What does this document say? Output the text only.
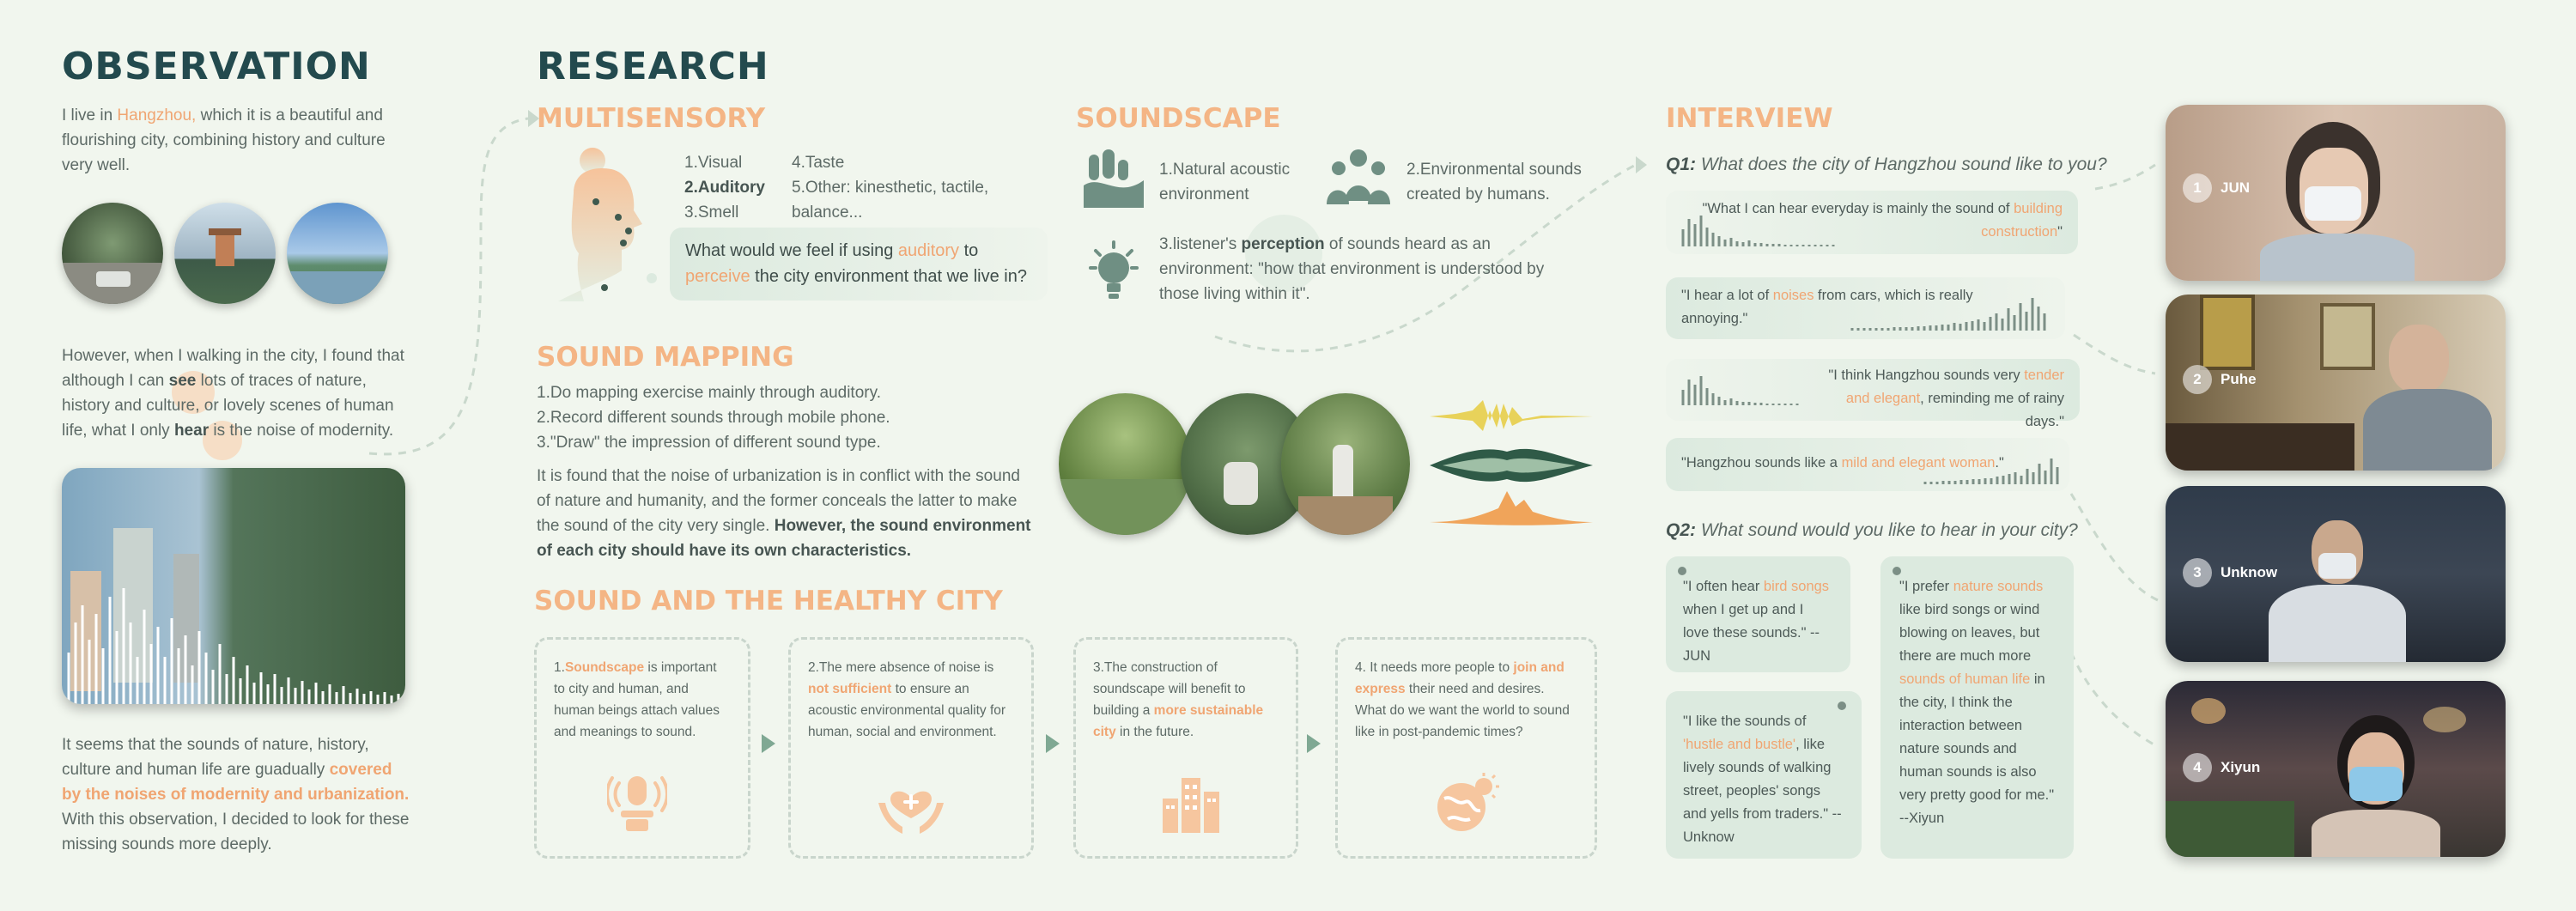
OBSERVATION
I live in Hangzhou, which it is a beautiful and flourishing city, combining history and culture very well.
However, when I walking in the city, I found that although I can see lots of traces of nature, history and culture, or lovely scenes of human life, what I only hear is the noise of modernity.
It seems that the sounds of nature, history, culture and human life are guadually covered by the noises of modernity and urbanization. With this observation, I decided to look for these missing sounds more deeply.
RESEARCH
MULTISENSORY
1.Visual
2.Auditory
3.Smell
4.Taste
5.Other: kinesthetic, tactile,
balance...
What would we feel if using auditory to perceive the city environment that we live in?
SOUNDSCAPE
1.Natural acoustic environment
2.Environmental sounds created by humans.
3.listener's perception of sounds heard as an environment: "how that environment is understood by those living within it".
SOUND MAPPING
1.Do mapping exercise mainly through auditory.
2.Record different sounds through mobile phone.
3."Draw" the impression of different sound type.
It is found that the noise of urbanization is in conflict with the sound of nature and humanity, and the former conceals the latter to make the sound of the city very single. However, the sound environment of each city should have its own characteristics.
SOUND AND THE HEALTHY CITY
1.Soundscape is important to city and human, and human beings attach values and meanings to sound.
2.The mere absence of noise is not sufficient to ensure an acoustic environmental quality for human, social and environment.
3.The construction of soundscape will benefit to building a more sustainable city in the future.
4. It needs more people to join and express their need and desires. What do we want the world to sound like in post-pandemic times?
INTERVIEW
Q1: What does the city of Hangzhou sound like to you?
"What I can hear everyday is mainly the sound of building construction"
"I hear a lot of noises from cars, which is really annoying."
"I think Hangzhou sounds very tender and elegant, reminding me of rainy days."
"Hangzhou sounds like a mild and elegant woman."
Q2: What sound would you like to hear in your city?
"I often hear bird songs when I get up and I love these sounds." --JUN
"I like the sounds of 'hustle and bustle', like lively sounds of walking street, peoples' songs and yells from traders." --Unknow
"I prefer nature sounds like bird songs or wind blowing on leaves, but there are much more sounds of human life in the city, I think the interaction between nature sounds and human sounds is also very pretty good for me." --Xiyun
1	JUN
2	Puhe
3	Unknow
4	Xiyun
